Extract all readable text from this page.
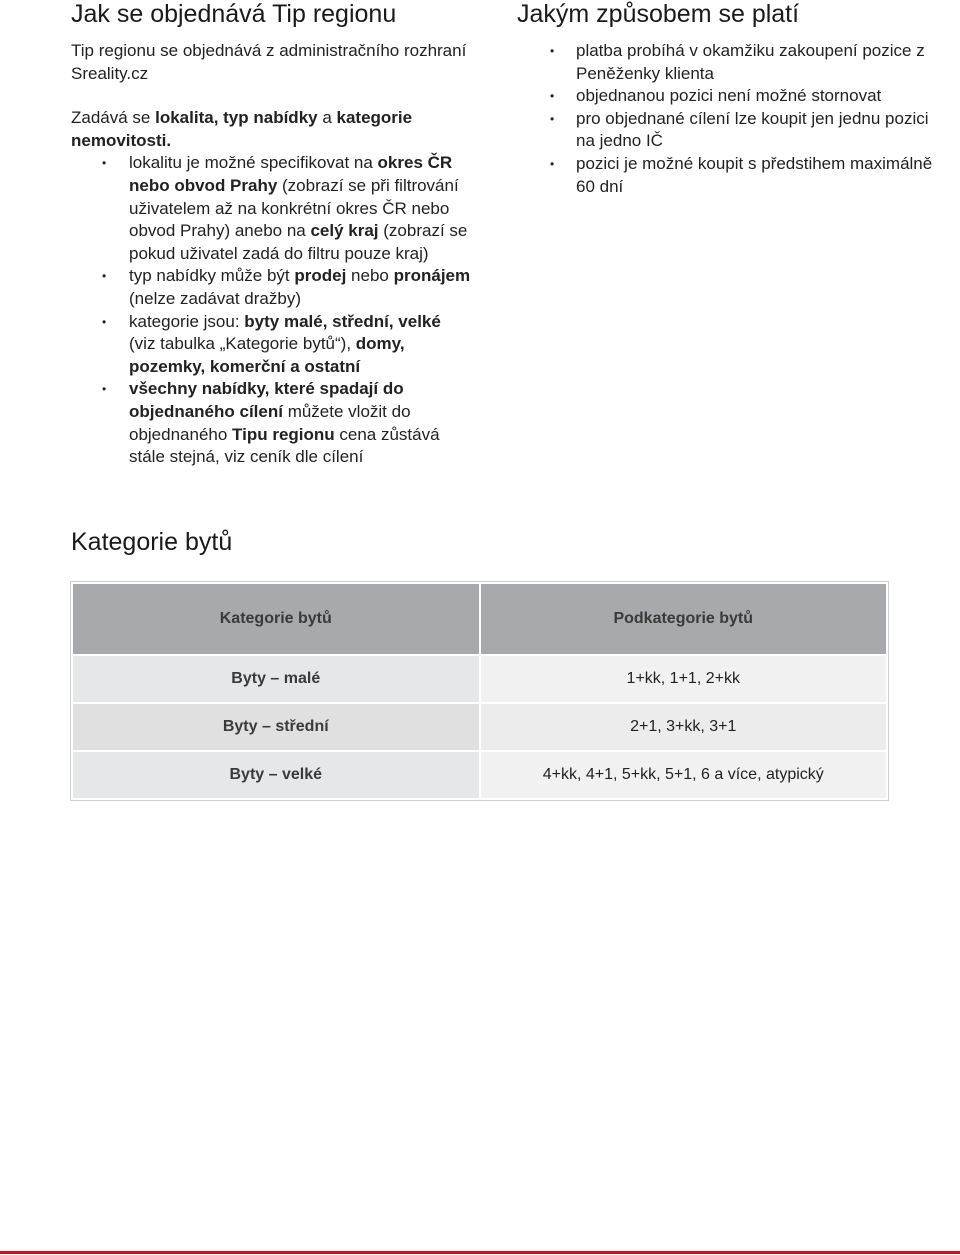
Jak se objednává Tip regionu

Tip regionu se objednává z administračního rozhraní Sreality.cz

Zadává se lokalita, typ nabídky a kategorie nemovitosti.

• lokalitu je možné specifikovat na okres ČR nebo obvod Prahy (zobrazí se při filtrování uživatelem až na konkrétní okres ČR nebo obvod Prahy) anebo na celý kraj (zobrazí se pokud uživatel zadá do filtru pouze kraj)
• typ nabídky může být prodej nebo pronájem (nelze zadávat dražby)
• kategorie jsou: byty malé, střední, velké (viz tabulka „Kategorie bytů“), domy, pozemky, komerční a ostatní
• všechny nabídky, které spadají do objednaného cílení můžete vložit do objednaného Tipu regionu cena zůstává stále stejná, viz ceník dle cílení
Jakým způsobem se platí
• platba probíhá v okamžiku zakoupení pozice z Peněženky klienta
• objednanou pozici není možné stornovat
• pro objednané cílení lze koupit jen jednu pozici na jedno IČ
• pozici je možné koupit s předstihem maximálně 60 dní
Kategorie bytů
Kategorie bytů	Podkategorie bytů
Byty – malé	1+kk, 1+1, 2+kk
Byty – střední	2+1, 3+kk, 3+1
Byty – velké	4+kk, 4+1, 5+kk, 5+1, 6 a více, atypický
